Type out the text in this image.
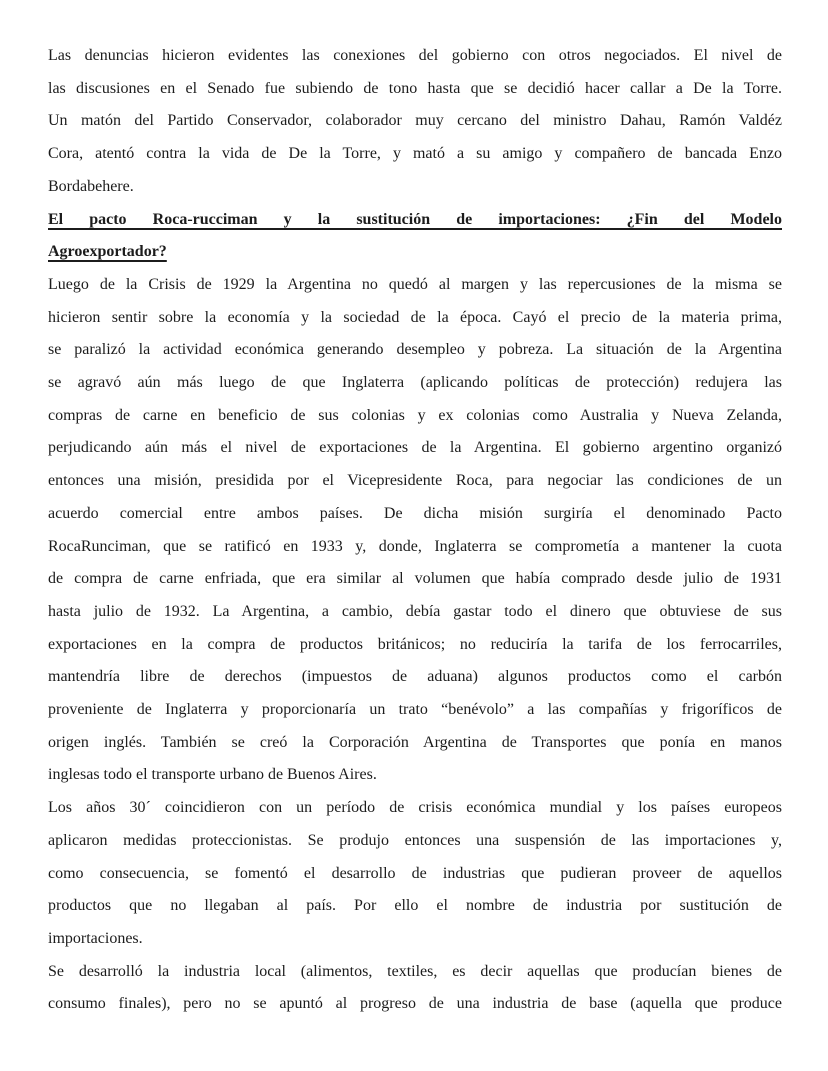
Las denuncias hicieron evidentes las conexiones del gobierno con otros negociados. El nivel de
las discusiones en el Senado fue subiendo de tono hasta que se decidió hacer callar a De la Torre.
Un matón del Partido Conservador, colaborador muy cercano del ministro Dahau, Ramón Valdéz
Cora, atentó contra la vida de De la Torre, y mató a su amigo y compañero de bancada Enzo
Bordabehere.
El pacto Roca-rucciman y la sustitución de importaciones: ¿Fin del Modelo
Agroexportador?
Luego de la Crisis de 1929 la Argentina no quedó al margen y las repercusiones de la misma se
hicieron sentir sobre la economía y la sociedad de la época. Cayó el precio de la materia prima,
se paralizó la actividad económica generando desempleo y pobreza. La situación de la Argentina
se agravó aún más luego de que Inglaterra (aplicando políticas de protección) redujera las
compras de carne en beneficio de sus colonias y ex colonias como Australia y Nueva Zelanda,
perjudicando aún más el nivel de exportaciones de la Argentina. El gobierno argentino organizó
entonces una misión, presidida por el Vicepresidente Roca, para negociar las condiciones de un
acuerdo comercial entre ambos países. De dicha misión surgiría el denominado Pacto
RocaRunciman, que se ratificó en 1933 y, donde, Inglaterra se comprometía a mantener la cuota
de compra de carne enfriada, que era similar al volumen que había comprado desde julio de 1931
hasta julio de 1932. La Argentina, a cambio, debía gastar todo el dinero que obtuviese de sus
exportaciones en la compra de productos británicos; no reduciría la tarifa de los ferrocarriles,
mantendría libre de derechos (impuestos de aduana) algunos productos como el carbón
proveniente de Inglaterra y proporcionaría un trato “benévolo” a las compañías y frigoríficos de
origen inglés. También se creó la Corporación Argentina de Transportes que ponía en manos
inglesas todo el transporte urbano de Buenos Aires.
Los años 30´ coincidieron con un período de crisis económica mundial y los países europeos
aplicaron medidas proteccionistas. Se produjo entonces una suspensión de las importaciones y,
como consecuencia, se fomentó el desarrollo de industrias que pudieran proveer de aquellos
productos que no llegaban al país. Por ello el nombre de industria por sustitución de
importaciones.
Se desarrolló la industria local (alimentos, textiles, es decir aquellas que producían bienes de
consumo finales), pero no se apuntó al progreso de una industria de base (aquella que produce
